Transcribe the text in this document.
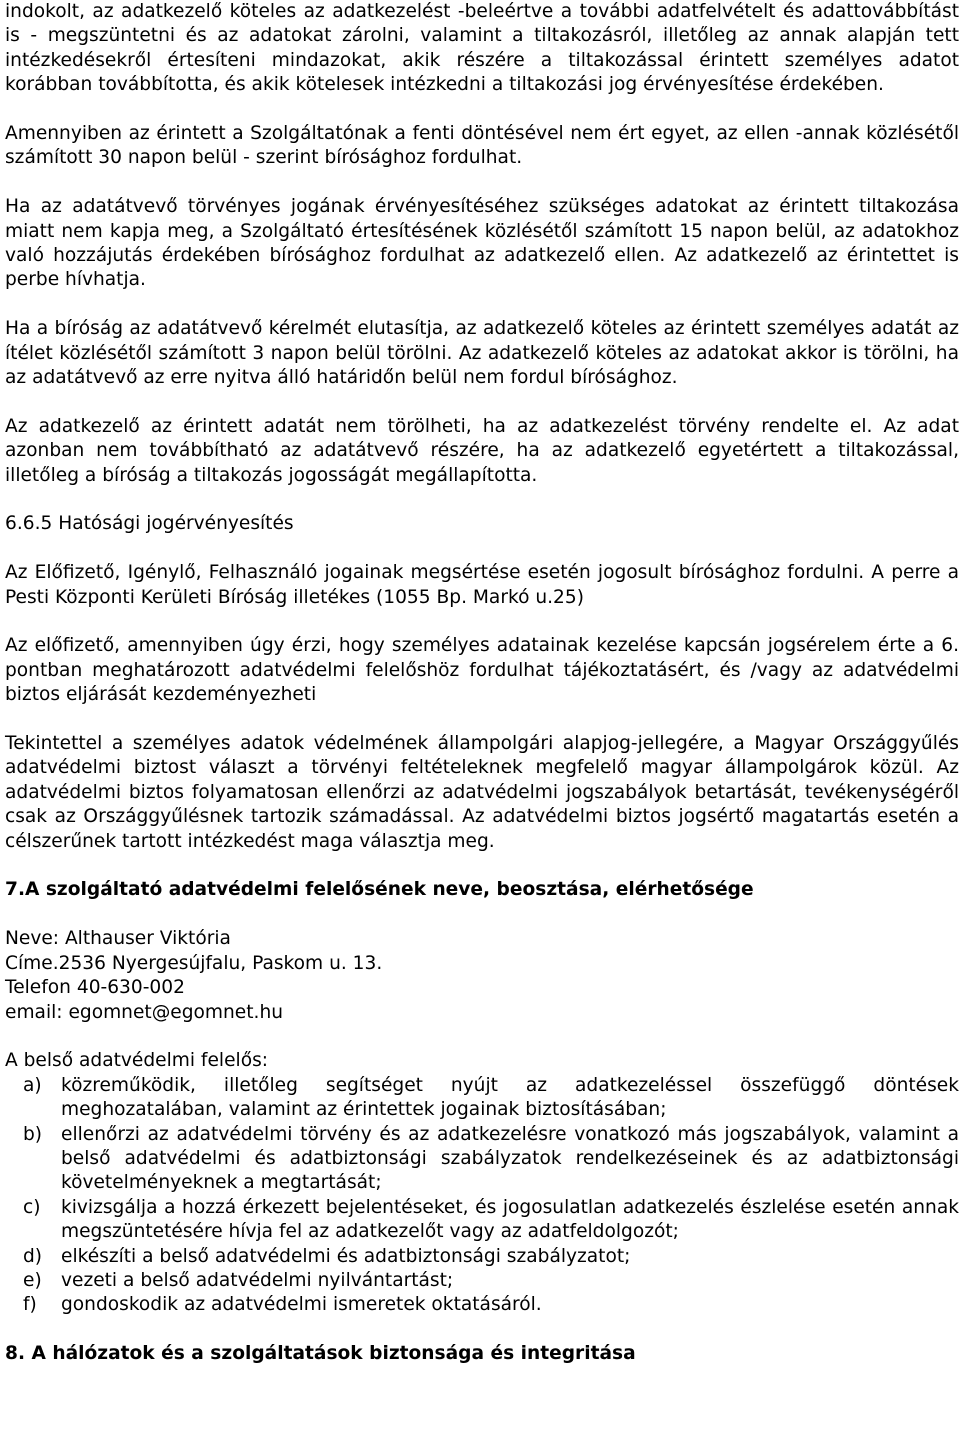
indokolt, az adatkezelő köteles az adatkezelést -beleértve a további adatfelvételt és adattovábbítást is - megszüntetni és az adatokat zárolni, valamint a tiltakozásról, illetőleg az annak alapján tett intézkedésekről értesíteni mindazokat, akik részére a tiltakozással érintett személyes adatot korábban továbbította, és akik kötelesek intézkedni a tiltakozási jog érvényesítése érdekében.

Amennyiben az érintett a Szolgáltatónak a fenti döntésével nem ért egyet, az ellen -annak közlésétől számított 30 napon belül - szerint bírósághoz fordulhat.

Ha az adatátvevő törvényes jogának érvényesítéséhez szükséges adatokat az érintett tiltakozása miatt nem kapja meg, a Szolgáltató értesítésének közlésétől számított 15 napon belül, az adatokhoz való hozzájutás érdekében bírósághoz fordulhat az adatkezelő ellen. Az adatkezelő az érintettet is perbe hívhatja.

Ha a bíróság az adatátvevő kérelmét elutasítja, az adatkezelő köteles az érintett személyes adatát az ítélet közlésétől számított 3 napon belül törölni. Az adatkezelő köteles az adatokat akkor is törölni, ha az adatátvevő az erre nyitva álló határidőn belül nem fordul bírósághoz.

Az adatkezelő az érintett adatát nem törölheti, ha az adatkezelést törvény rendelte el. Az adat azonban nem továbbítható az adatátvevő részére, ha az adatkezelő egyetértett a tiltakozással, illetőleg a bíróság a tiltakozás jogosságát megállapította.

6.6.5 Hatósági jogérvényesítés

Az Előfizető, Igénylő, Felhasználó jogainak megsértése esetén jogosult bírósághoz fordulni. A perre a Pesti Központi Kerületi Bíróság illetékes (1055 Bp. Markó u.25)

Az előfizető, amennyiben úgy érzi, hogy személyes adatainak kezelése kapcsán jogsérelem érte a 6. pontban meghatározott adatvédelmi felelőshöz fordulhat tájékoztatásért, és /vagy az adatvédelmi biztos eljárását kezdeményezheti

Tekintettel a személyes adatok védelmének állampolgári alapjog-jellegére, a Magyar Országgyűlés adatvédelmi biztost választ a törvényi feltételeknek megfelelő magyar állampolgárok közül. Az adatvédelmi biztos folyamatosan ellenőrzi az adatvédelmi jogszabályok betartását, tevékenységéről csak az Országgyűlésnek tartozik számadással. Az adatvédelmi biztos jogsértő magatartás esetén a célszerűnek tartott intézkedést maga választja meg.

7.A szolgáltató adatvédelmi felelősének neve, beosztása, elérhetősége

Neve: Althauser Viktória

Címe.2536 Nyergesújfalu, Paskom u. 13.

Telefon 40-630-002

email: egomnet@egomnet.hu

A belső adatvédelmi felelős:

a)	közreműködik, illetőleg segítséget nyújt az adatkezeléssel összefüggő döntések meghozatalában, valamint az érintettek jogainak biztosításában;
b)	ellenőrzi az adatvédelmi törvény és az adatkezelésre vonatkozó más jogszabályok, valamint a belső adatvédelmi és adatbiztonsági szabályzatok rendelkezéseinek és az adatbiztonsági követelményeknek a megtartását;
c)	kivizsgálja a hozzá érkezett bejelentéseket, és jogosulatlan adatkezelés észlelése esetén annak megszüntetésére hívja fel az adatkezelőt vagy az adatfeldolgozót;
d)	elkészíti a belső adatvédelmi és adatbiztonsági szabályzatot;
e)	vezeti a belső adatvédelmi nyilvántartást;
f)	gondoskodik az adatvédelmi ismeretek oktatásáról.

8. A hálózatok és a szolgáltatások biztonsága és integritása
